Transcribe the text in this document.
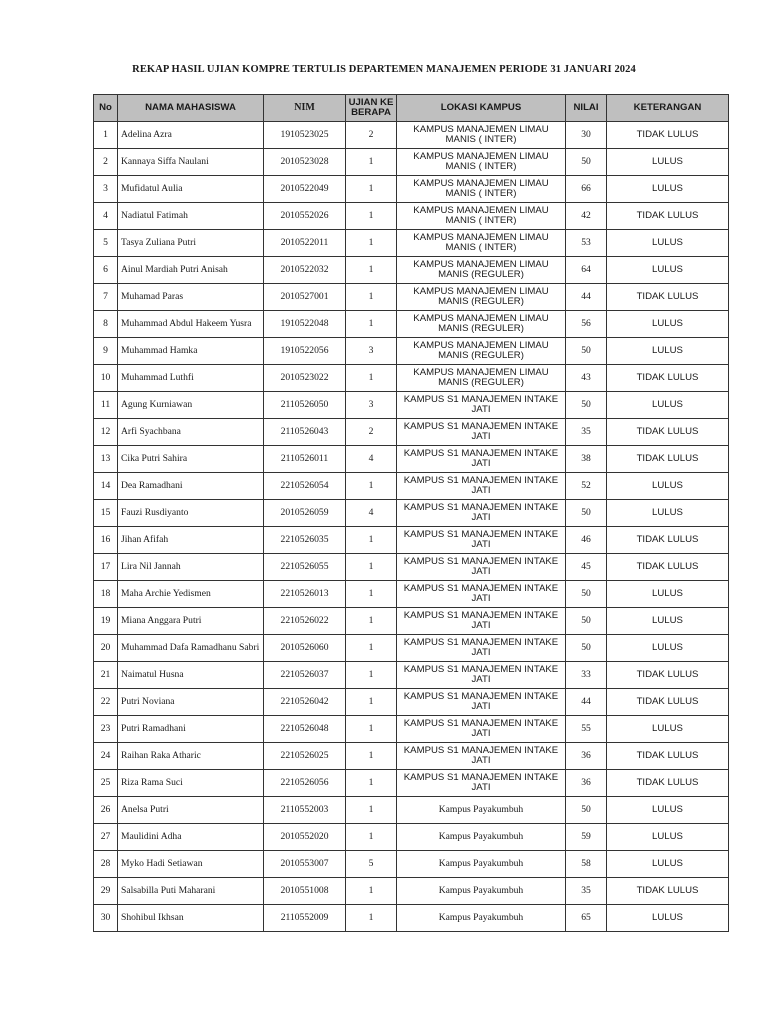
REKAP HASIL UJIAN KOMPRE TERTULIS DEPARTEMEN MANAJEMEN PERIODE 31 JANUARI 2024
No	NAMA MAHASISWA	NIM	UJIAN KE BERAPA	LOKASI KAMPUS	NILAI	KETERANGAN
1	Adelina Azra	1910523025	2	KAMPUS MANAJEMEN LIMAU MANIS ( INTER)	30	TIDAK LULUS
2	Kannaya Siffa Naulani	2010523028	1	KAMPUS MANAJEMEN LIMAU MANIS ( INTER)	50	LULUS
3	Mufidatul Aulia	2010522049	1	KAMPUS MANAJEMEN LIMAU MANIS ( INTER)	66	LULUS
4	Nadiatul Fatimah	2010552026	1	KAMPUS MANAJEMEN LIMAU MANIS ( INTER)	42	TIDAK LULUS
5	Tasya Zuliana Putri	2010522011	1	KAMPUS MANAJEMEN LIMAU MANIS ( INTER)	53	LULUS
6	Ainul Mardiah Putri Anisah	2010522032	1	KAMPUS MANAJEMEN LIMAU MANIS (REGULER)	64	LULUS
7	Muhamad Paras	2010527001	1	KAMPUS MANAJEMEN LIMAU MANIS (REGULER)	44	TIDAK LULUS
8	Muhammad Abdul Hakeem Yusra	1910522048	1	KAMPUS MANAJEMEN LIMAU MANIS (REGULER)	56	LULUS
9	Muhammad Hamka	1910522056	3	KAMPUS MANAJEMEN LIMAU MANIS (REGULER)	50	LULUS
10	Muhammad Luthfi	2010523022	1	KAMPUS MANAJEMEN LIMAU MANIS (REGULER)	43	TIDAK LULUS
11	Agung Kurniawan	2110526050	3	KAMPUS S1 MANAJEMEN INTAKE JATI	50	LULUS
12	Arfi Syachbana	2110526043	2	KAMPUS S1 MANAJEMEN INTAKE JATI	35	TIDAK LULUS
13	Cika Putri Sahira	2110526011	4	KAMPUS S1 MANAJEMEN INTAKE JATI	38	TIDAK LULUS
14	Dea Ramadhani	2210526054	1	KAMPUS S1 MANAJEMEN INTAKE JATI	52	LULUS
15	Fauzi Rusdiyanto	2010526059	4	KAMPUS S1 MANAJEMEN INTAKE JATI	50	LULUS
16	Jihan Afifah	2210526035	1	KAMPUS S1 MANAJEMEN INTAKE JATI	46	TIDAK LULUS
17	Lira Nil Jannah	2210526055	1	KAMPUS S1 MANAJEMEN INTAKE JATI	45	TIDAK LULUS
18	Maha Archie Yedismen	2210526013	1	KAMPUS S1 MANAJEMEN INTAKE JATI	50	LULUS
19	Miana Anggara Putri	2210526022	1	KAMPUS S1 MANAJEMEN INTAKE JATI	50	LULUS
20	Muhammad Dafa Ramadhanu Sabri	2010526060	1	KAMPUS S1 MANAJEMEN INTAKE JATI	50	LULUS
21	Naimatul Husna	2210526037	1	KAMPUS S1 MANAJEMEN INTAKE JATI	33	TIDAK LULUS
22	Putri Noviana	2210526042	1	KAMPUS S1 MANAJEMEN INTAKE JATI	44	TIDAK LULUS
23	Putri Ramadhani	2210526048	1	KAMPUS S1 MANAJEMEN INTAKE JATI	55	LULUS
24	Raihan Raka Atharic	2210526025	1	KAMPUS S1 MANAJEMEN INTAKE JATI	36	TIDAK LULUS
25	Riza Rama Suci	2210526056	1	KAMPUS S1 MANAJEMEN INTAKE JATI	36	TIDAK LULUS
26	Anelsa Putri	2110552003	1	Kampus Payakumbuh	50	LULUS
27	Maulidini Adha	2010552020	1	Kampus Payakumbuh	59	LULUS
28	Myko Hadi Setiawan	2010553007	5	Kampus Payakumbuh	58	LULUS
29	Salsabilla Puti Maharani	2010551008	1	Kampus Payakumbuh	35	TIDAK LULUS
30	Shohibul Ikhsan	2110552009	1	Kampus Payakumbuh	65	LULUS
